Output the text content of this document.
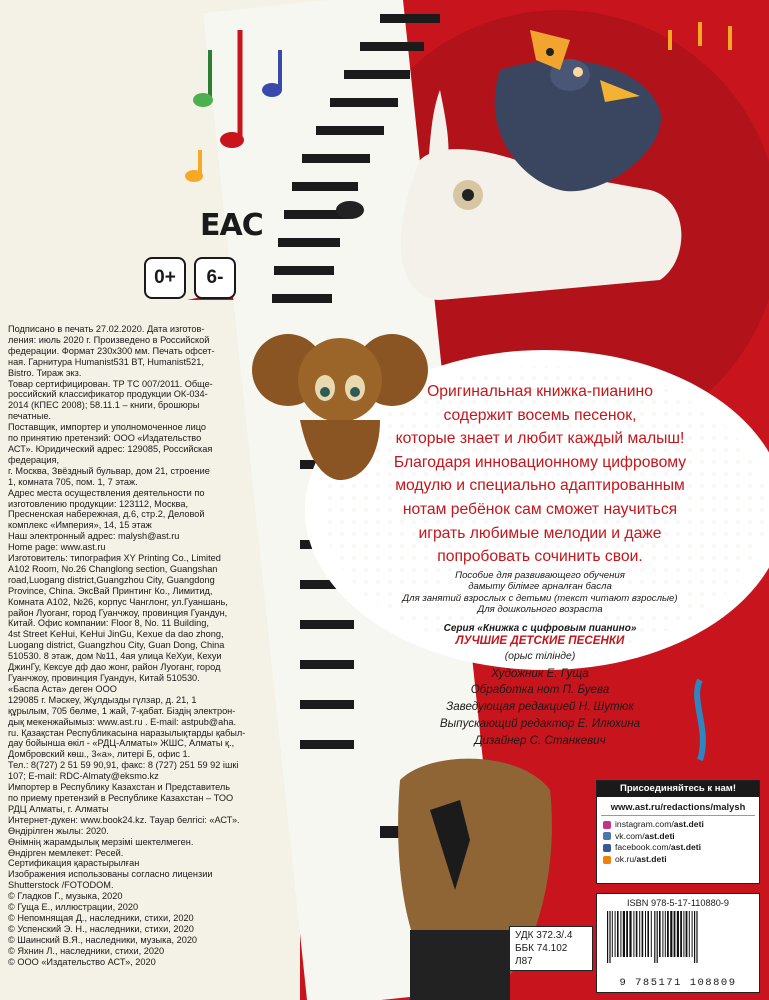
EAC
0+	6-

Подписано в печать 27.02.2020. Дата изготов-
ления: июль 2020 г. Произведено в Российской
федерации. Формат 230х300 мм. Печать офсет-
ная. Гарнитура Humanist531 BT, Humanist521,
Bistro. Тираж экз.

Товар сертифицирован. ТР ТС 007/2011. Обще-
российский классификатор продукции ОК-034-
2014 (КПЕС 2008); 58.11.1 – книги, брошюры
печатные.

Поставщик, импортер и уполномоченное лицо
по принятию претензий: ООО «Издательство
АСТ». Юридический адрес: 129085, Российская
федерация,
г. Москва, Звёздный бульвар, дом 21, строение
1, комната 705, пом. 1, 7 этаж.

Адрес места осуществления деятельности по
изготовлению продукции: 123112, Москва,
Пресненская набережная, д.6, стр.2, Деловой
комплекс «Империя», 14, 15 этаж

Наш электронный адрес: malysh@ast.ru

Home page: www.ast.ru

Изготовитель: типография XY Printing Co., Limited
A102 Room, No.26 Changlong section, Guangshan
road,Luogang district,Guangzhou City, Guangdong
Province, China. ЭксВай Принтинг Ко., Лимитид,
Комната A102, №26, корпус Чанглонг, ул.Гуаншань,
район Луоганг, город Гуанчжоу, провинция Гуандун,
Китай. Офис компании: Floor 8, No. 11 Building,
4st Street KeHui, KeHui JinGu, Kexue da dao zhong,
Luogang district, Guangzhou City, Guan Dong, China
510530. 8 этаж, дом №11, 4ая улица КеХуи, Кехуи
ДжинГу, Кексуе дф дао жонг, район Луоганг, город
Гуанчжоу, провинция Гуандун, Китай 510530.

«Баспа Аста» деген ООО
129085 г. Мәскеу, Жұлдызды гүлзар, д. 21, 1
құрылым, 705 бөлме, 1 жай, 7-қабат. Біздің электрон-
дық мекенжайымыз: www.ast.ru . E-mail: astpub@aha.
ru. Қазақстан Республикасына наразылықтарды қабыл-
дау бойынша өкіл - «РДЦ-Алматы» ЖШС, Алматы қ.,
Домбровский көш., 3«а», литері Б, офис 1.
Тел.: 8(727) 2 51 59 90,91, факс: 8 (727) 251 59 92 ішкі
107; E-mail: RDC-Almaty@eksmo.kz

Импортер в Республику Казахстан и Представитель
по приему претензий в Республике Казахстан – ТОО
РДЦ Алматы, г. Алматы

Интернет-дукен: www.book24.kz. Тауар белгісі: «АСТ».
Өндірілген жылы: 2020.
Өнімнің жарамдылық мерзімі шектелмеген.
Өндірген мемлекет: Ресей.
Сертификация қарастырылған

Изображения использованы согласно лицензии
Shutterstock /FOTODOM.

© Гладков Г., музыка, 2020
© Гуща Е., иллюстрации, 2020
© Непомнящая Д., наследники, стихи, 2020
© Успенский Э. Н., наследники, стихи, 2020
© Шаинский В.Я., наследники, музыка, 2020
© Яхнин Л., наследники, стихи, 2020
© ООО «Издательство АСТ», 2020
Оригинальная книжка-пианино
содержит восемь песенок,
которые знает и любит каждый малыш!
Благодаря инновационному цифровому
модулю и специально адаптированным
нотам ребёнок сам сможет научиться
играть любимые мелодии и даже
попробовать сочинить свои.
Пособие для развивающего обучения
дамыту білімге арналған басла
Для занятий взрослых с детьми (текст читают взрослые)
Для дошкольного возраста
Серия «Книжка с цифровым пианино»
ЛУЧШИЕ ДЕТСКИЕ ПЕСЕНКИ
(орыс тілінде)
Художник Е. Гуща
Обработка нот П. Буева
Заведующая редакцией Н. Шутюк
Выпускающий редактор Е. Илюхина
Дизайнер С. Станкевич
Присоединяйтесь к нам!
www.ast.ru/redactions/malysh
instagram.com/ ast.deti
vk.com/ ast.deti
facebook.com/ ast.deti
ok.ru/ ast.deti
УДК 372.3/.4
ББК 74.102
Л87
ISBN 978-5-17-110880-9
9 785171 108809
